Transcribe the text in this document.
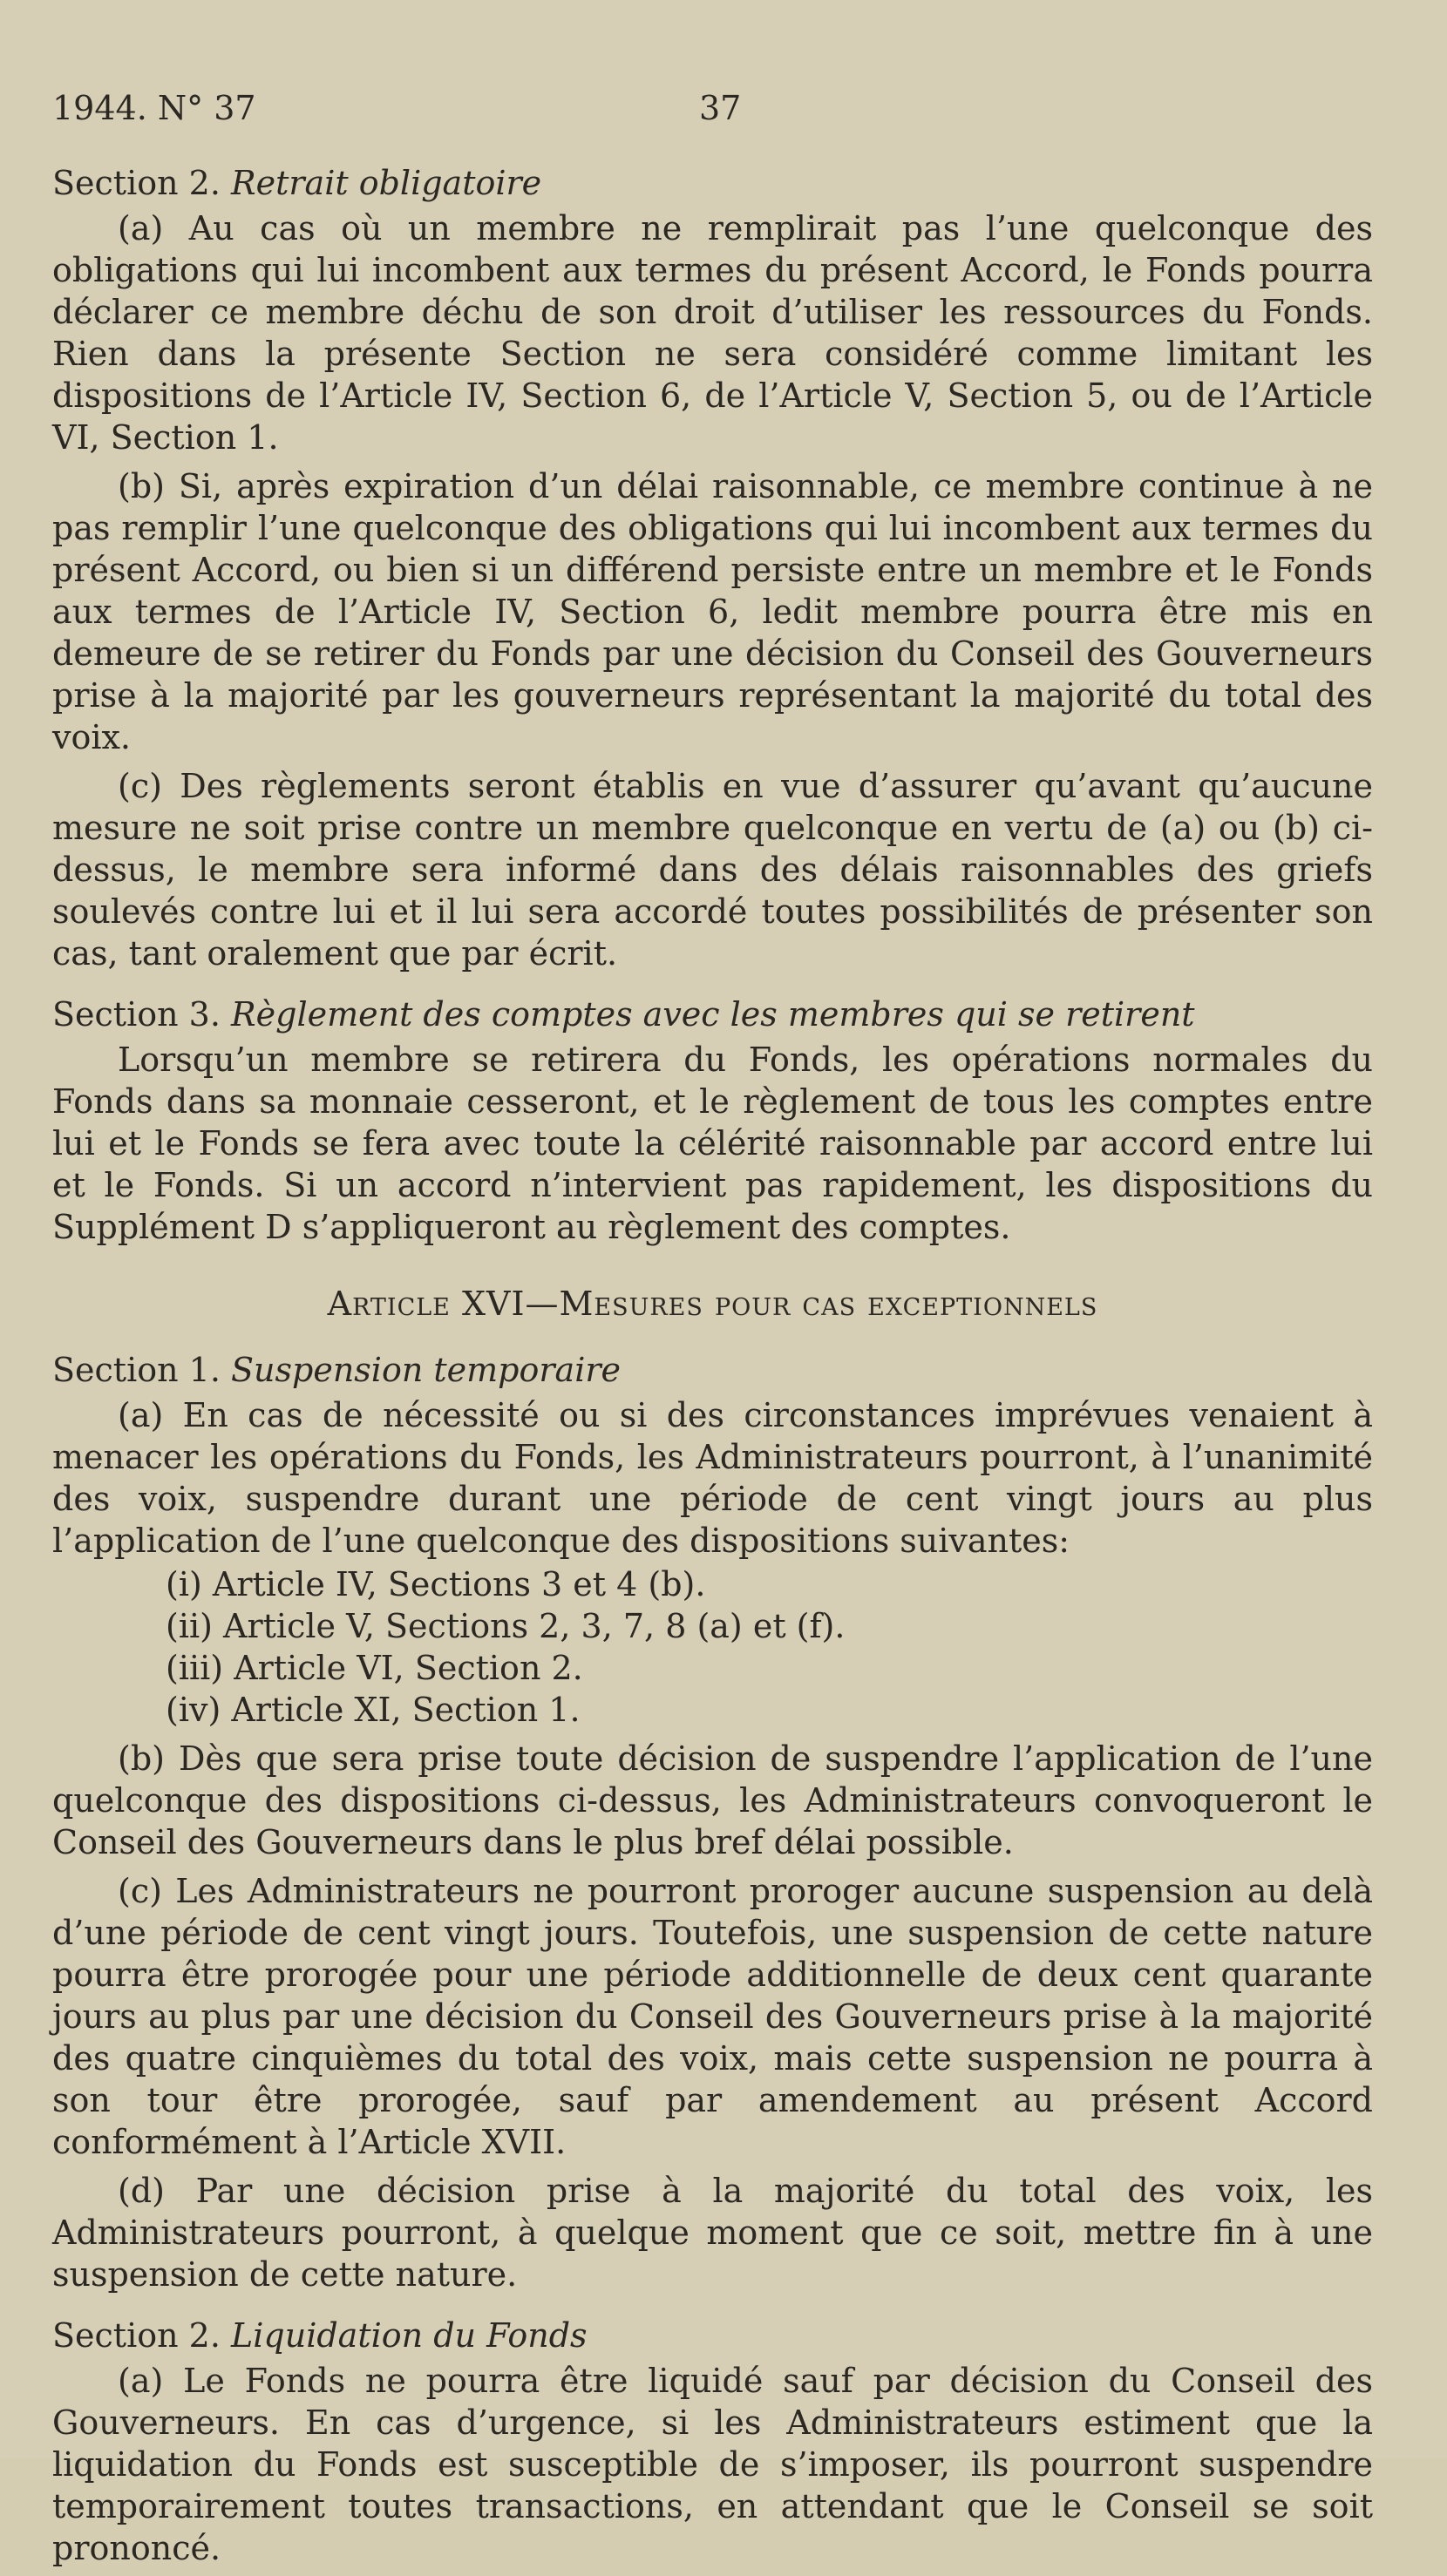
1944. N° 37	37
Section 2. Retrait obligatoire

(a) Au cas où un membre ne remplirait pas l’une quelconque des obligations qui lui incombent aux termes du présent Accord, le Fonds pourra déclarer ce membre déchu de son droit d’utiliser les ressources du Fonds. Rien dans la présente Section ne sera considéré comme limitant les dispositions de l’Article IV, Section 6, de l’Article V, Section 5, ou de l’Article VI, Section 1.

(b) Si, après expiration d’un délai raisonnable, ce membre continue à ne pas remplir l’une quelconque des obligations qui lui incombent aux termes du présent Accord, ou bien si un différend persiste entre un membre et le Fonds aux termes de l’Article IV, Section 6, ledit membre pourra être mis en demeure de se retirer du Fonds par une décision du Conseil des Gouverneurs prise à la majorité par les gouverneurs représentant la majorité du total des voix.

(c) Des règlements seront établis en vue d’assurer qu’avant qu’aucune mesure ne soit prise contre un membre quelconque en vertu de (a) ou (b) ci-dessus, le membre sera informé dans des délais raisonnables des griefs soulevés contre lui et il lui sera accordé toutes possibilités de présenter son cas, tant oralement que par écrit.

Section 3. Règlement des comptes avec les membres qui se retirent

Lorsqu’un membre se retirera du Fonds, les opérations normales du Fonds dans sa monnaie cesseront, et le règlement de tous les comptes entre lui et le Fonds se fera avec toute la célérité raisonnable par accord entre lui et le Fonds. Si un accord n’intervient pas rapidement, les dispositions du Supplément D s’appliqueront au règlement des comptes.

Article XVI—Mesures pour cas exceptionnels
Section 1. Suspension temporaire

(a) En cas de nécessité ou si des circonstances imprévues venaient à menacer les opérations du Fonds, les Administrateurs pourront, à l’unanimité des voix, suspendre durant une période de cent vingt jours au plus l’application de l’une quelconque des dispositions suivantes:

(i) Article IV, Sections 3 et 4 (b).
(ii) Article V, Sections 2, 3, 7, 8 (a) et (f).
(iii) Article VI, Section 2.
(iv) Article XI, Section 1.

(b) Dès que sera prise toute décision de suspendre l’application de l’une quelconque des dispositions ci-dessus, les Administrateurs convoqueront le Conseil des Gouverneurs dans le plus bref délai possible.

(c) Les Administrateurs ne pourront proroger aucune suspension au delà d’une période de cent vingt jours. Toutefois, une suspension de cette nature pourra être prorogée pour une période additionnelle de deux cent quarante jours au plus par une décision du Conseil des Gouverneurs prise à la majorité des quatre cinquièmes du total des voix, mais cette suspension ne pourra à son tour être prorogée, sauf par amendement au présent Accord conformément à l’Article XVII.

(d) Par une décision prise à la majorité du total des voix, les Administrateurs pourront, à quelque moment que ce soit, mettre fin à une suspension de cette nature.

Section 2. Liquidation du Fonds

(a) Le Fonds ne pourra être liquidé sauf par décision du Conseil des Gouverneurs. En cas d’urgence, si les Administrateurs estiment que la liquidation du Fonds est susceptible de s’imposer, ils pourront suspendre temporairement toutes transactions, en attendant que le Conseil se soit prononcé.
